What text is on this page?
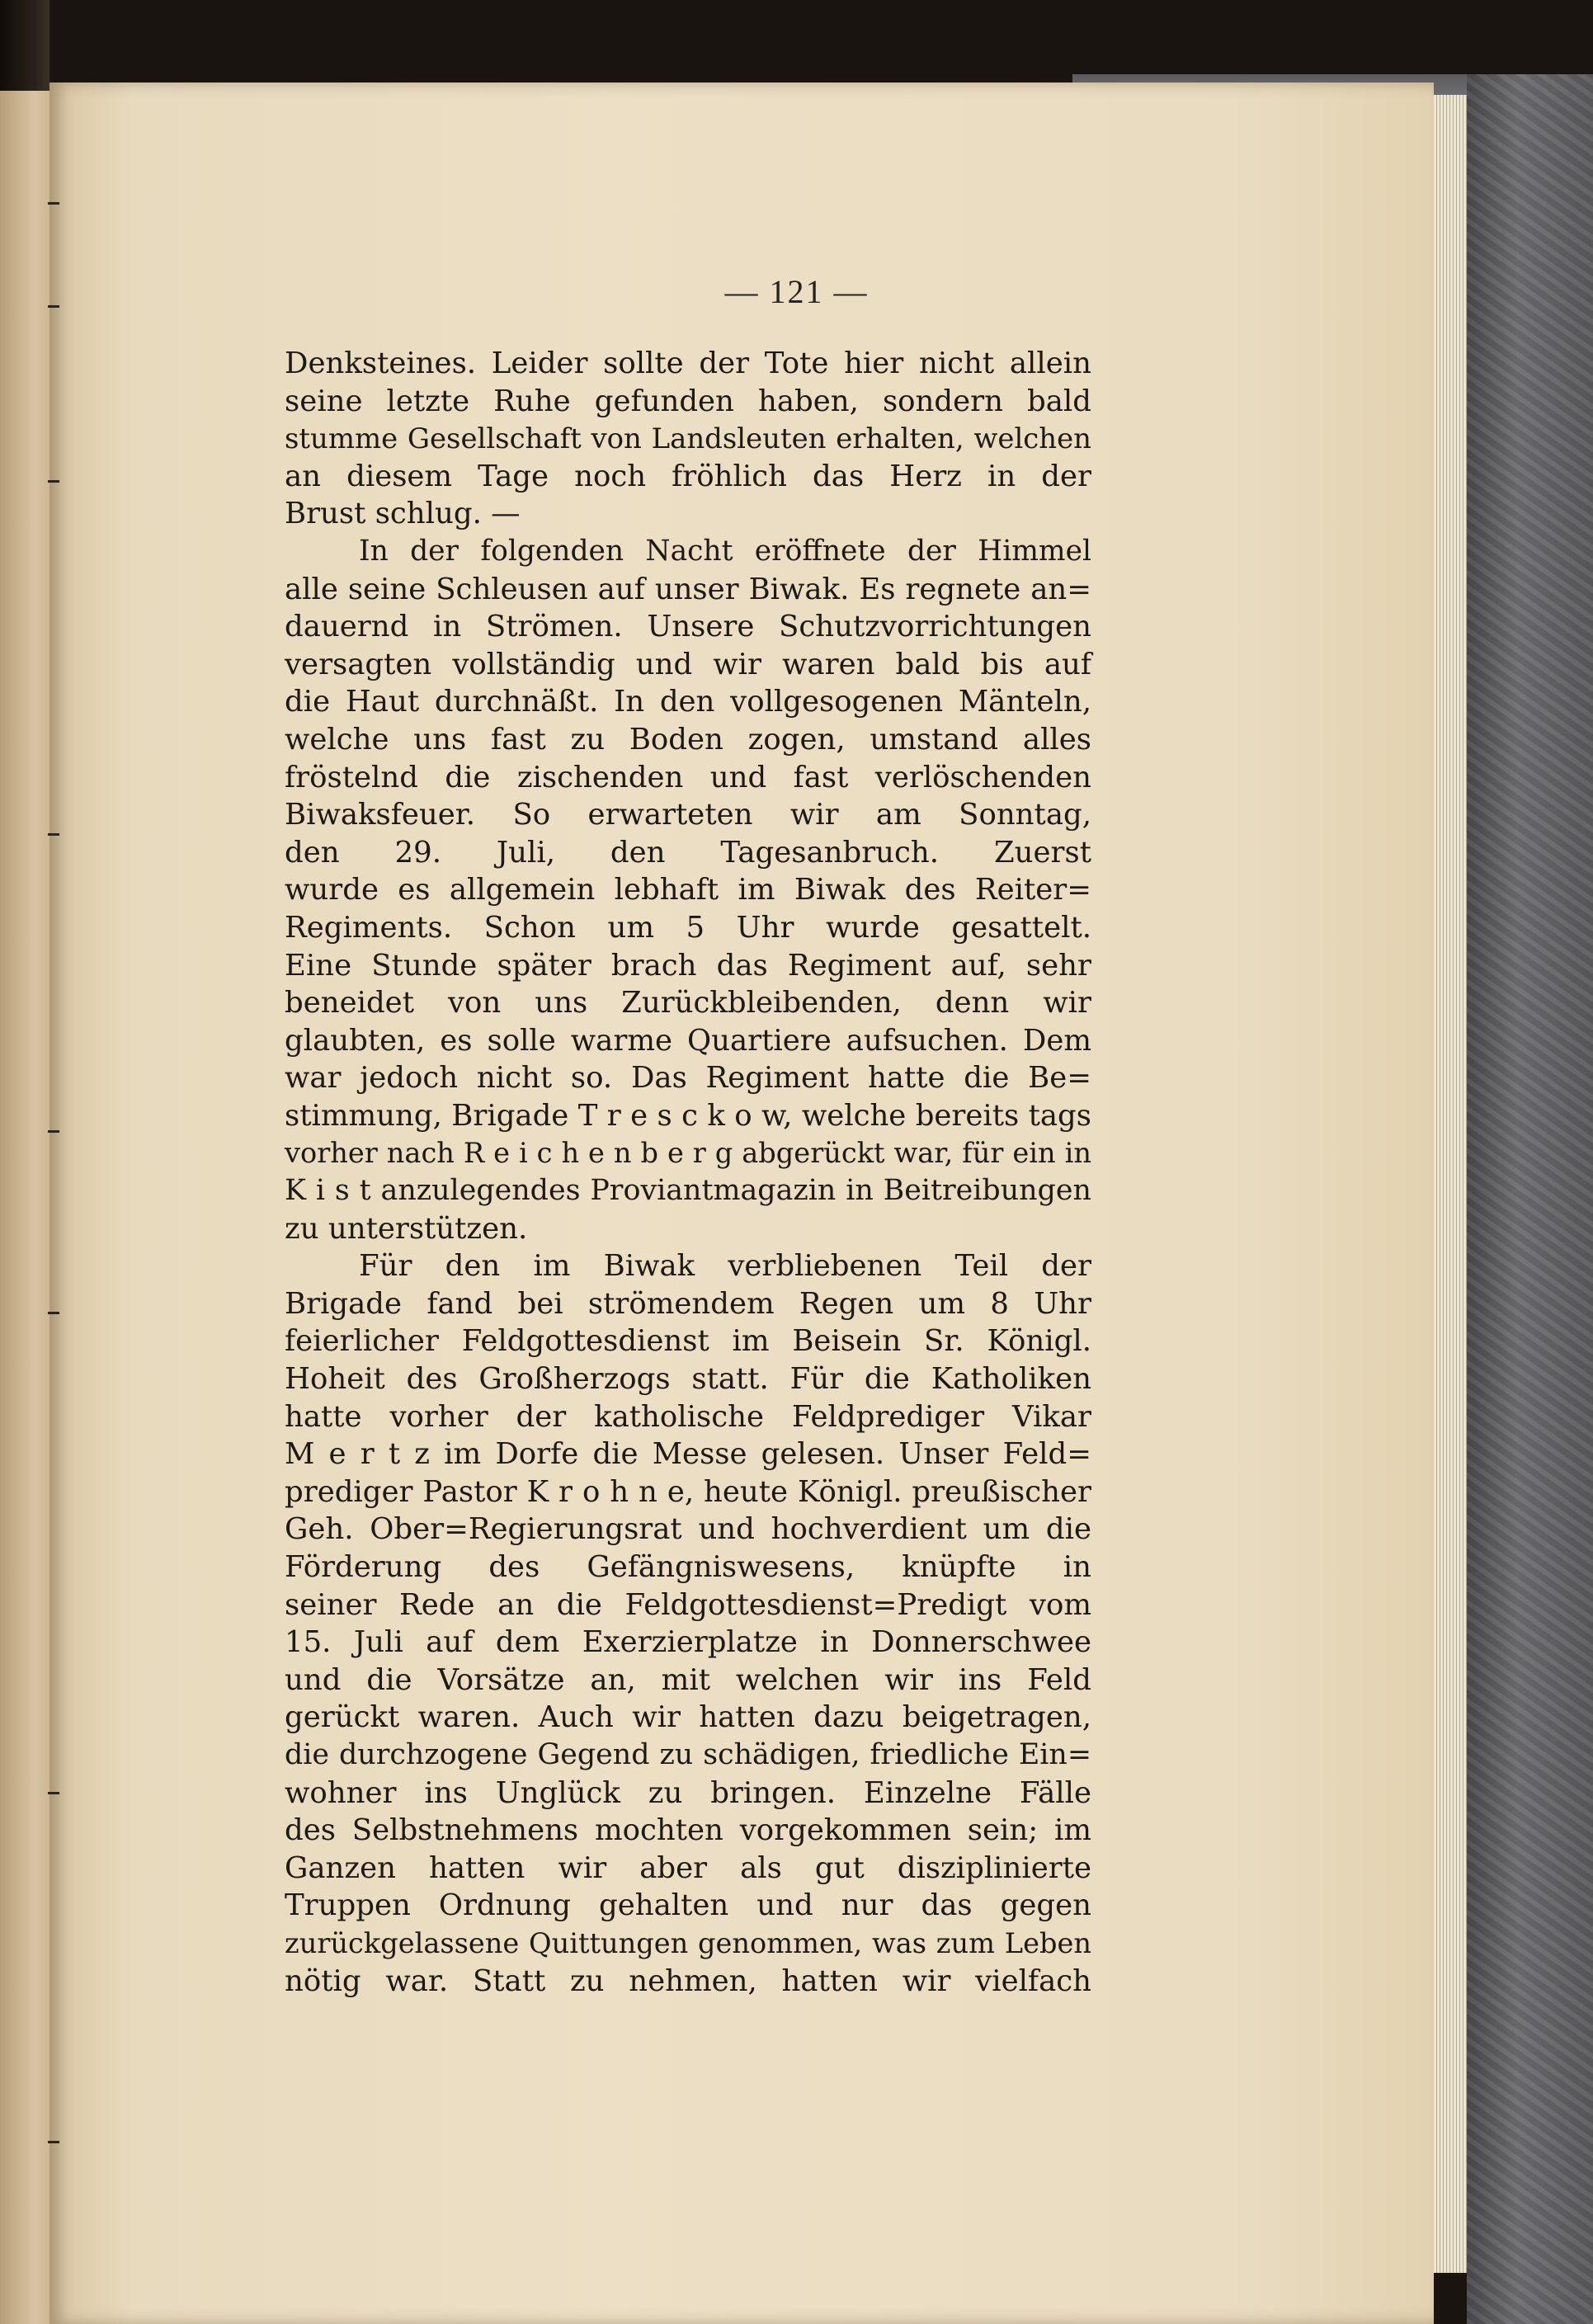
— 121 —
Denksteines. Leider sollte der Tote hier nicht allein
seine letzte Ruhe gefunden haben, sondern bald
stumme Gesellschaft von Landsleuten erhalten, welchen
an diesem Tage noch fröhlich das Herz in der
Brust schlug. —
In der folgenden Nacht eröffnete der Himmel
alle seine Schleusen auf unser Biwak. Es regnete an=
dauernd in Strömen. Unsere Schutzvorrichtungen
versagten vollständig und wir waren bald bis auf
die Haut durchnäßt. In den vollgesogenen Mänteln,
welche uns fast zu Boden zogen, umstand alles
fröstelnd die zischenden und fast verlöschenden
Biwaksfeuer. So erwarteten wir am Sonntag,
den 29. Juli, den Tagesanbruch. Zuerst
wurde es allgemein lebhaft im Biwak des Reiter=
Regiments. Schon um 5 Uhr wurde gesattelt.
Eine Stunde später brach das Regiment auf, sehr
beneidet von uns Zurückbleibenden, denn wir
glaubten, es solle warme Quartiere aufsuchen. Dem
war jedoch nicht so. Das Regiment hatte die Be=
stimmung, Brigade T r e s c k o w, welche bereits tags
vorher nach R e i c h e n b e r g abgerückt war, für ein in
K i s t anzulegendes Proviantmagazin in Beitreibungen
zu unterstützen.
Für den im Biwak verbliebenen Teil der
Brigade fand bei strömendem Regen um 8 Uhr
feierlicher Feldgottesdienst im Beisein Sr. Königl.
Hoheit des Großherzogs statt. Für die Katholiken
hatte vorher der katholische Feldprediger Vikar
M e r t z im Dorfe die Messe gelesen. Unser Feld=
prediger Pastor K r o h n e, heute Königl. preußischer
Geh. Ober=Regierungsrat und hochverdient um die
Förderung des Gefängniswesens, knüpfte in
seiner Rede an die Feldgottesdienst=Predigt vom
15. Juli auf dem Exerzierplatze in Donnerschwee
und die Vorsätze an, mit welchen wir ins Feld
gerückt waren. Auch wir hatten dazu beigetragen,
die durchzogene Gegend zu schädigen, friedliche Ein=
wohner ins Unglück zu bringen. Einzelne Fälle
des Selbstnehmens mochten vorgekommen sein; im
Ganzen hatten wir aber als gut disziplinierte
Truppen Ordnung gehalten und nur das gegen
zurückgelassene Quittungen genommen, was zum Leben
nötig war. Statt zu nehmen, hatten wir vielfach
